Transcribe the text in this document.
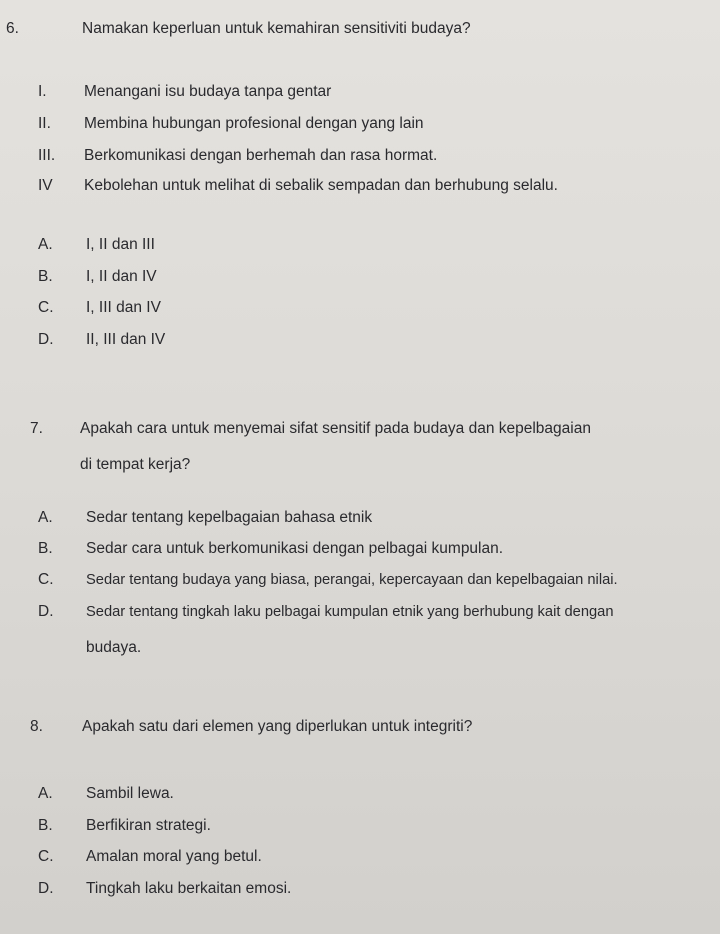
6.	Namakan keperluan untuk kemahiran sensitiviti budaya?
I. Menangani isu budaya tanpa gentar
II. Membina hubungan profesional dengan yang lain
III. Berkomunikasi dengan berhemah dan rasa hormat.
IV Kebolehan untuk melihat di sebalik sempadan dan berhubung selalu.
A. I, II dan III
B. I, II dan IV
C. I, III dan IV
D. II, III dan IV
7. Apakah cara untuk menyemai sifat sensitif pada budaya dan kepelbagaian
di tempat kerja?
A. Sedar tentang kepelbagaian bahasa etnik
B. Sedar cara untuk berkomunikasi dengan pelbagai kumpulan.
C. Sedar tentang budaya yang biasa, perangai, kepercayaan dan kepelbagaian nilai.
D. Sedar tentang tingkah laku pelbagai kumpulan etnik yang berhubung kait dengan
budaya.
8.	Apakah satu dari elemen yang diperlukan untuk integriti?
A. Sambil lewa.
B. Berfikiran strategi.
C. Amalan moral yang betul.
D. Tingkah laku berkaitan emosi.
